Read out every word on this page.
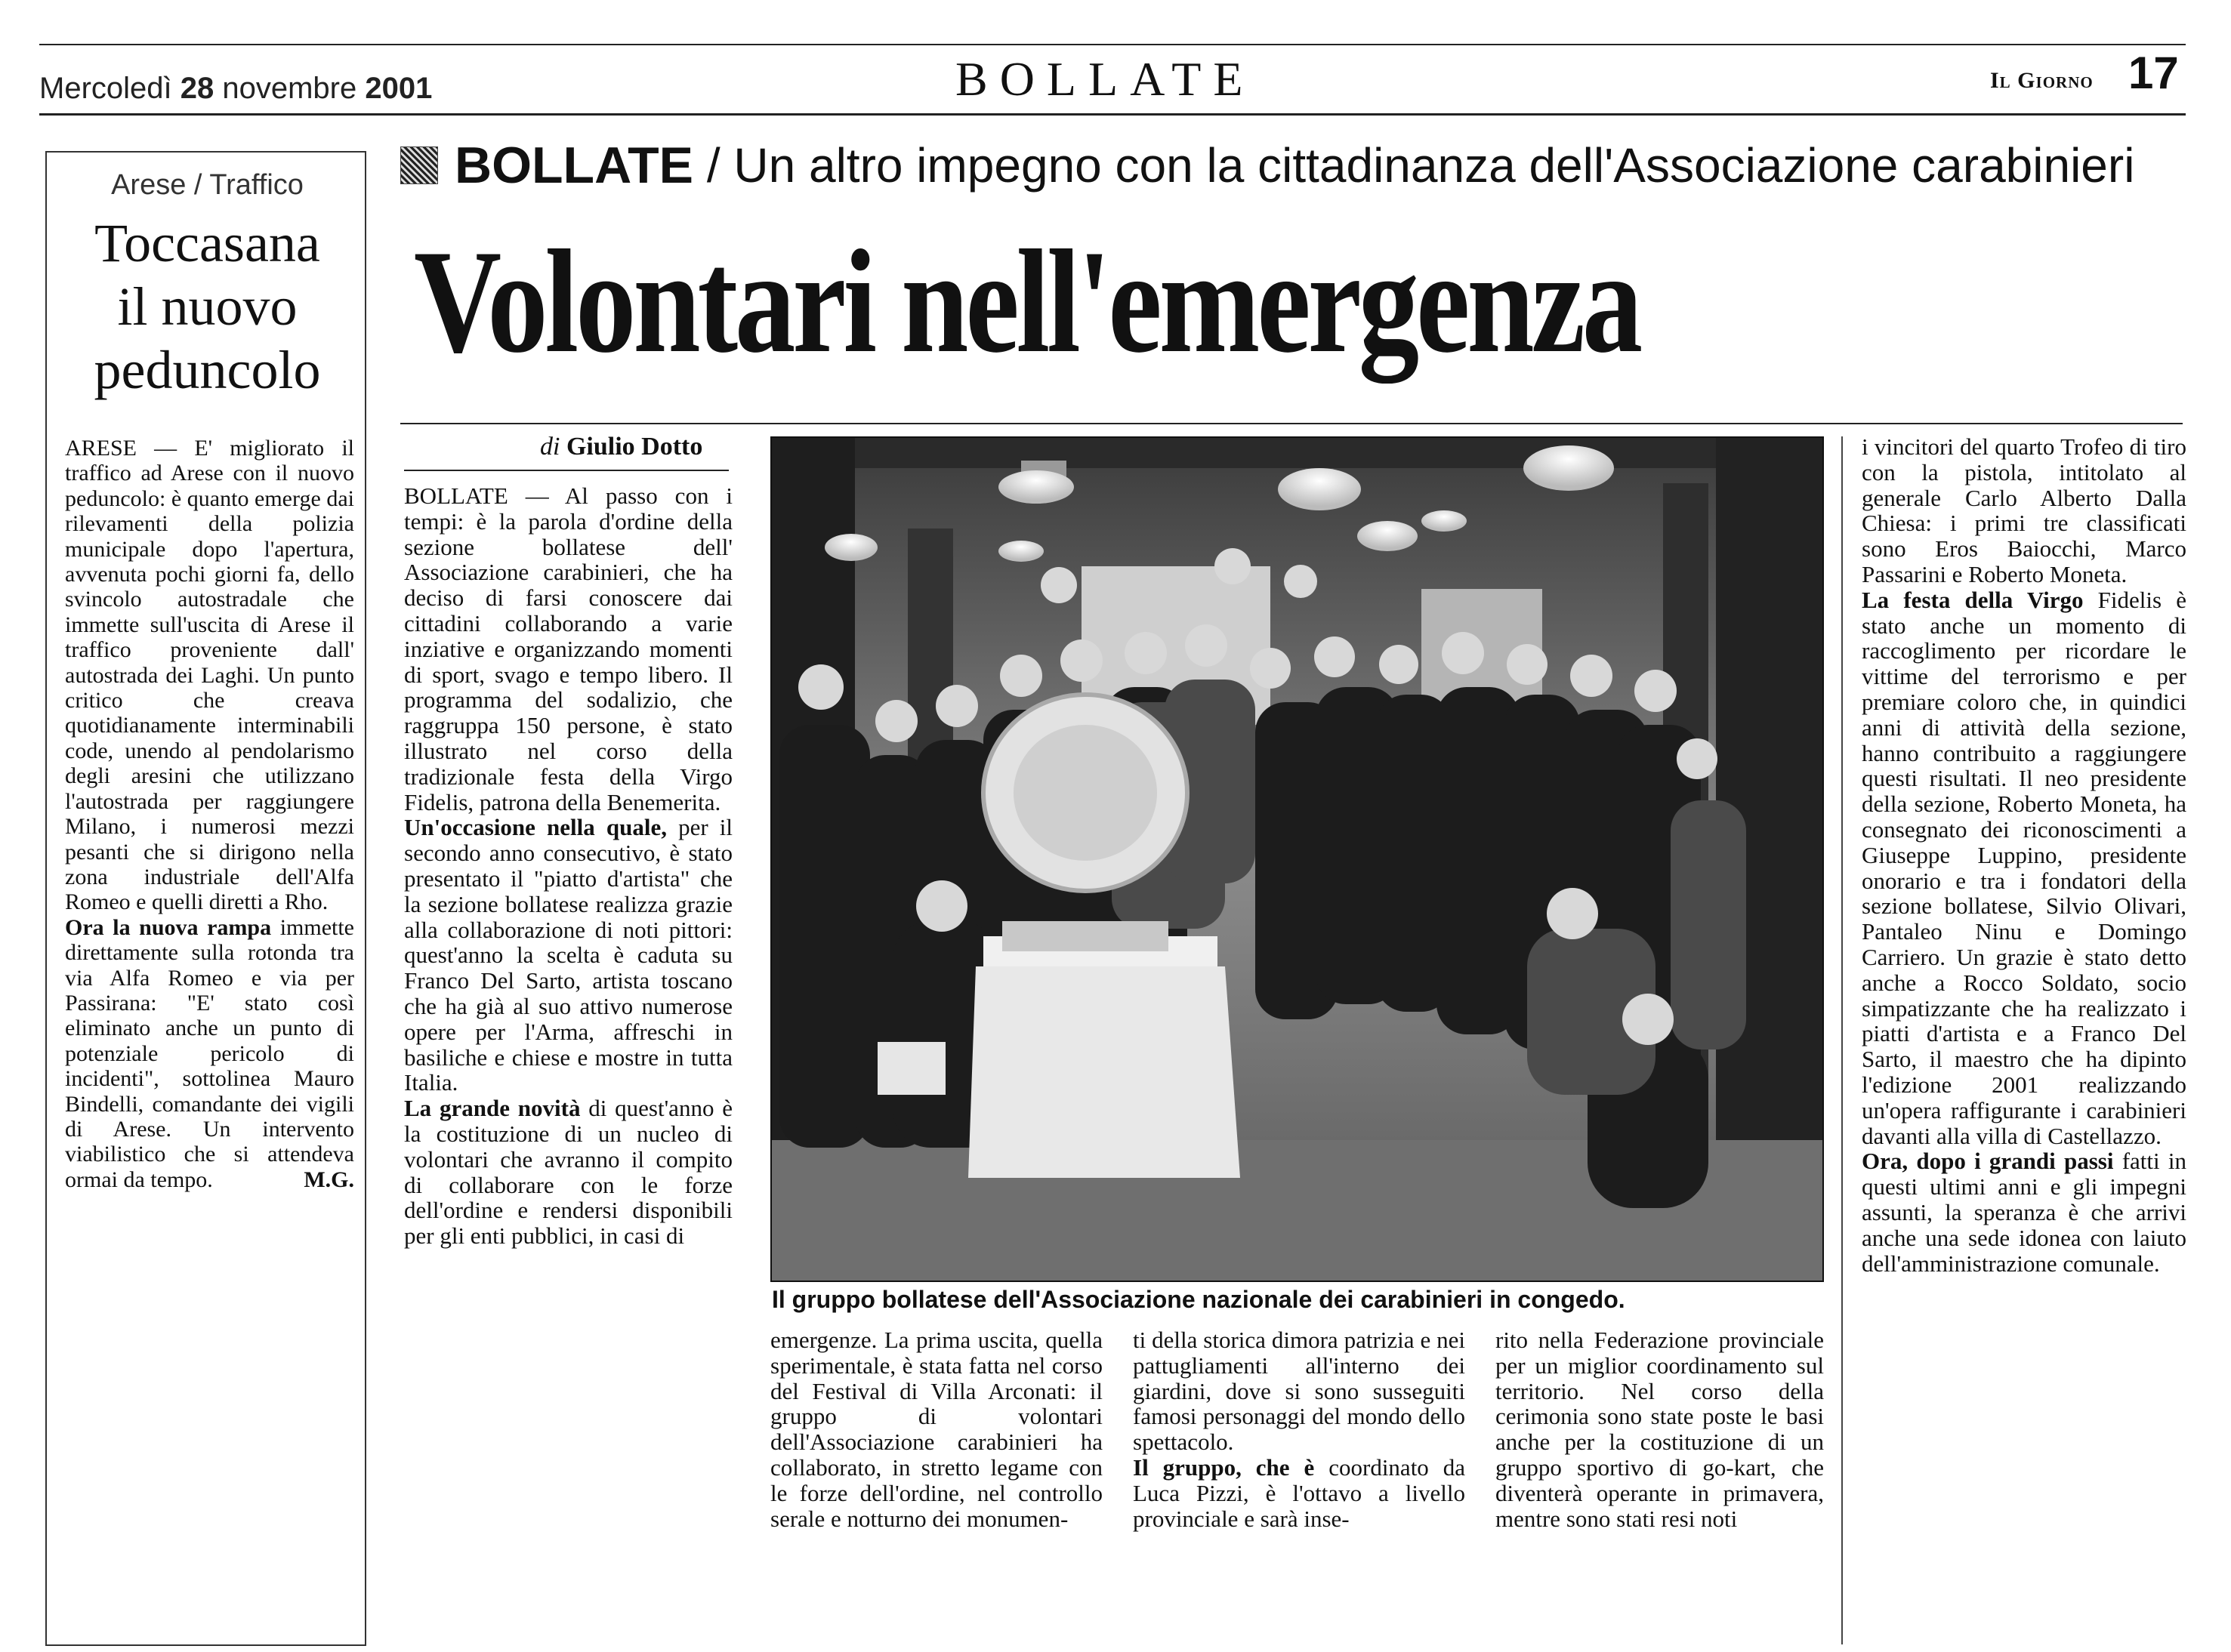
Mercoledì 28 novembre 2001	BOLLATE	Il Giorno 17
Arese / Traffico
Toccasana
il nuovo
peduncolo

ARESE — E' migliorato il traffico ad Arese con il nuovo peduncolo: è quanto emerge dai rilevamenti della polizia municipale dopo l'apertura, avvenuta pochi giorni fa, dello svincolo autostradale che immette sull'uscita di Arese il traffico proveniente dall' autostrada dei Laghi. Un punto critico che creava quotidianamente interminabili code, unendo al pendolarismo degli aresini che utilizzano l'autostrada per raggiungere Milano, i numerosi mezzi pesanti che si dirigono nella zona industriale dell'Alfa Romeo e quelli diretti a Rho.

Ora la nuova rampa immette direttamente sulla rotonda tra via Alfa Romeo e via per Passirana: "E' stato così eliminato anche un punto di potenziale pericolo di incidenti", sottolinea Mauro Bindelli, comandante dei vigili di Arese. Un intervento viabilistico che si attendeva ormai da tempo.	M.G.

BOLLATE
/ Un altro impegno con la cittadinanza dell'Associazione carabinieri
Volontari nell'emergenza
di Giulio Dotto

BOLLATE — Al passo con i tempi: è la parola d'ordine della sezione bollatese dell' Associazione carabinieri, che ha deciso di farsi conoscere dai cittadini collaborando a varie inziative e organizzando momenti di sport, svago e tempo libero. Il programma del sodalizio, che raggruppa 150 persone, è stato illustrato nel corso della tradizionale festa della Virgo Fidelis, patrona della Benemerita.

Un'occasione nella quale, per il secondo anno consecutivo, è stato presentato il "piatto d'artista" che la sezione bollatese realizza grazie alla collaborazione di noti pittori: quest'anno la scelta è caduta su Franco Del Sarto, artista toscano che ha già al suo attivo numerose opere per l'Arma, affreschi in basiliche e chiese e mostre in tutta Italia.

La grande novità di quest'anno è la costituzione di un nucleo di volontari che avranno il compito di collaborare con le forze dell'ordine e rendersi disponibili per gli enti pubblici, in casi di

Il gruppo bollatese dell'Associazione nazionale dei carabinieri in congedo.

emergenze. La prima uscita, quella sperimentale, è stata fatta nel corso del Festival di Villa Arconati: il gruppo di volontari dell'Associazione carabinieri ha collaborato, in stretto legame con le forze dell'ordine, nel controllo serale e notturno dei monumen-

ti della storica dimora patrizia e nei pattugliamenti all'interno dei giardini, dove si sono susseguiti famosi personaggi del mondo dello spettacolo.

Il gruppo, che è coordinato da Luca Pizzi, è l'ottavo a livello provinciale e sarà inse-

rito nella Federazione provinciale per un miglior coordinamento sul territorio. Nel corso della cerimonia sono state poste le basi anche per la costituzione di un gruppo sportivo di go-kart, che diventerà operante in primavera, mentre sono stati resi noti

i vincitori del quarto Trofeo di tiro con la pistola, intitolato al generale Carlo Alberto Dalla Chiesa: i primi tre classificati sono Eros Baiocchi, Marco Passarini e Roberto Moneta.

La festa della Virgo Fidelis è stato anche un momento di raccoglimento per ricordare le vittime del terrorismo e per premiare coloro che, in quindici anni di attività della sezione, hanno contribuito a raggiungere questi risultati. Il neo presidente della sezione, Roberto Moneta, ha consegnato dei riconoscimenti a Giuseppe Luppino, presidente onorario e tra i fondatori della sezione bollatese, Silvio Olivari, Pantaleo Ninu e Domingo Carriero. Un grazie è stato detto anche a Rocco Soldato, socio simpatizzante che ha realizzato i piatti d'artista e a Franco Del Sarto, il maestro che ha dipinto l'edizione 2001 realizzando un'opera raffigurante i carabinieri davanti alla villa di Castellazzo.

Ora, dopo i grandi passi fatti in questi ultimi anni e gli impegni assunti, la speranza è che arrivi anche una sede idonea con laiuto dell'amministrazione comunale.
